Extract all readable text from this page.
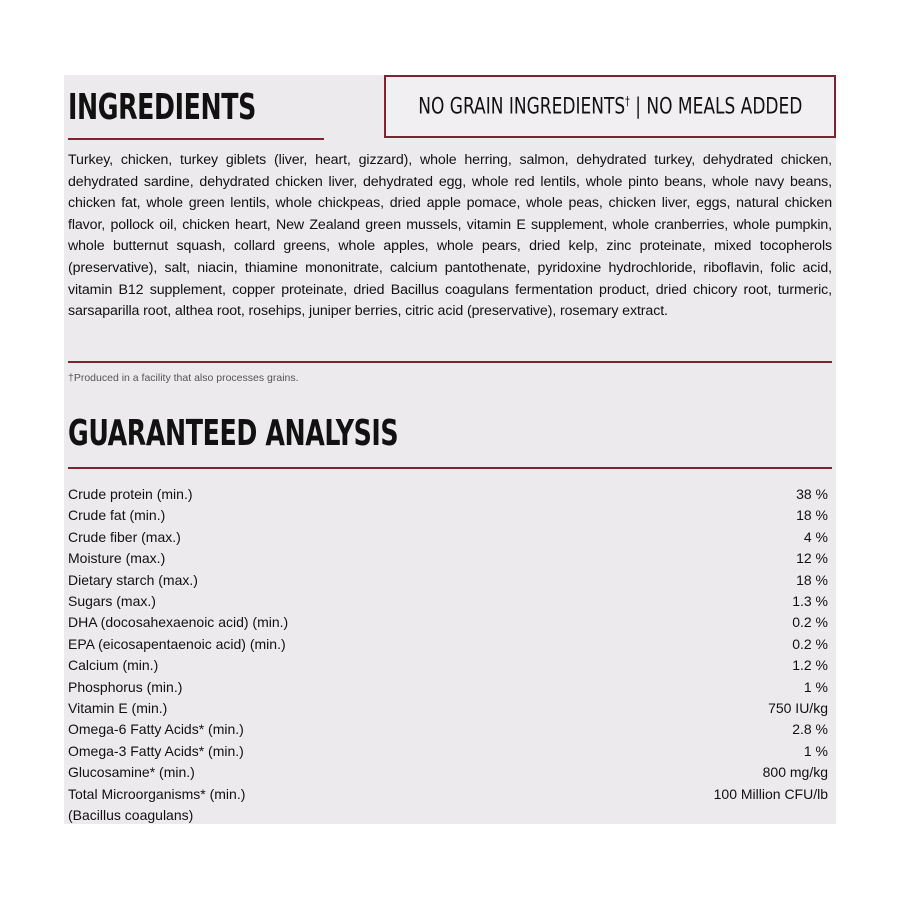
INGREDIENTS	NO GRAIN INGREDIENTS† | NO MEALS ADDED
Turkey, chicken, turkey giblets (liver, heart, gizzard), whole herring, salmon, dehydrated turkey, dehydrated chicken, dehydrated sardine, dehydrated chicken liver, dehydrated egg, whole red lentils, whole pinto beans, whole navy beans, chicken fat, whole green lentils, whole chickpeas, dried apple pomace, whole peas, chicken liver, eggs, natural chicken flavor, pollock oil, chicken heart, New Zealand green mussels, vitamin E supplement, whole cranberries, whole pumpkin, whole butternut squash, collard greens, whole apples, whole pears, dried kelp, zinc proteinate, mixed tocopherols (preservative), salt, niacin, thiamine mononitrate, calcium pantothenate, pyridoxine hydrochloride, riboflavin, folic acid, vitamin B12 supplement, copper proteinate, dried Bacillus coagulans fermentation product, dried chicory root, turmeric, sarsaparilla root, althea root, rosehips, juniper berries, citric acid (preservative), rosemary extract.
†Produced in a facility that also processes grains.
GUARANTEED ANALYSIS
Crude protein (min.)	38 %
Crude fat (min.)	18 %
Crude fiber (max.)	4 %
Moisture (max.)	12 %
Dietary starch (max.)	18 %
Sugars (max.)	1.3 %
DHA (docosahexaenoic acid) (min.)	0.2 %
EPA (eicosapentaenoic acid) (min.)	0.2 %
Calcium (min.)	1.2 %
Phosphorus (min.)	1 %
Vitamin E (min.)	750 IU/kg
Omega-6 Fatty Acids* (min.)	2.8 %
Omega-3 Fatty Acids* (min.)	1 %
Glucosamine* (min.)	800 mg/kg
Total Microorganisms* (min.)	100 Million CFU/lb
(Bacillus coagulans)
